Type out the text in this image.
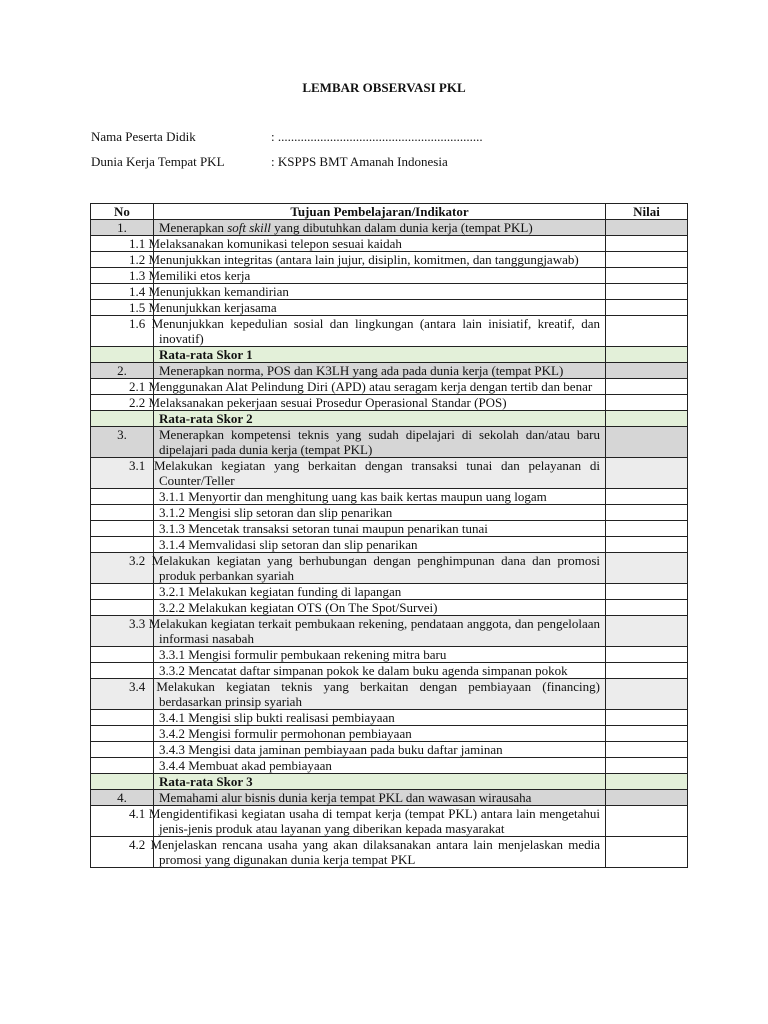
LEMBAR OBSERVASI PKL
Nama Peserta Didik	: ...............................................................
Dunia Kerja Tempat PKL	: KSPPS BMT Amanah Indonesia
No	Tujuan Pembelajaran/Indikator	Nilai
1.	Menerapkan soft skill yang dibutuhkan dalam dunia kerja (tempat PKL)	
	1.1 Melaksanakan komunikasi telepon sesuai kaidah	
	1.2 Menunjukkan integritas (antara lain jujur, disiplin, komitmen, dan tanggungjawab)	
	1.3 Memiliki etos kerja	
	1.4 Menunjukkan kemandirian	
	1.5 Menunjukkan kerjasama	
	1.6 Menunjukkan kepedulian sosial dan lingkungan (antara lain inisiatif, kreatif, dan inovatif)	
	Rata-rata Skor 1	
2.	Menerapkan norma, POS dan K3LH yang ada pada dunia kerja (tempat PKL)	
	2.1 Menggunakan Alat Pelindung Diri (APD) atau seragam kerja dengan tertib dan benar	
	2.2 Melaksanakan pekerjaan sesuai Prosedur Operasional Standar (POS)	
	Rata-rata Skor 2	
3.	Menerapkan kompetensi teknis yang sudah dipelajari di sekolah dan/atau baru dipelajari pada dunia kerja (tempat PKL)	
	3.1 Melakukan kegiatan yang berkaitan dengan transaksi tunai dan pelayanan di Counter/Teller	

	3.1.1 Menyortir dan menghitung uang kas baik kertas maupun uang logam	

	3.1.2 Mengisi slip setoran dan slip penarikan	

	3.1.3 Mencetak transaksi setoran tunai maupun penarikan tunai	

	3.1.4 Memvalidasi slip setoran dan slip penarikan	

	3.2 Melakukan kegiatan yang berhubungan dengan penghimpunan dana dan promosi produk perbankan syariah	

	3.2.1 Melakukan kegiatan funding di lapangan	

	3.2.2 Melakukan kegiatan OTS (On The Spot/Survei)	

	3.3 Melakukan kegiatan terkait pembukaan rekening, pendataan anggota, dan pengelolaan informasi nasabah	

	3.3.1 Mengisi formulir pembukaan rekening mitra baru	

	3.3.2 Mencatat daftar simpanan pokok ke dalam buku agenda simpanan pokok	

	3.4 Melakukan kegiatan teknis yang berkaitan dengan pembiayaan (financing) berdasarkan prinsip syariah	

	3.4.1 Mengisi slip bukti realisasi pembiayaan	

	3.4.2 Mengisi formulir permohonan pembiayaan	

	3.4.3 Mengisi data jaminan pembiayaan pada buku daftar jaminan	

	3.4.4 Membuat akad pembiayaan	

	Rata-rata Skor 3	
4.	Memahami alur bisnis dunia kerja tempat PKL dan wawasan wirausaha	
	4.1 Mengidentifikasi kegiatan usaha di tempat kerja (tempat PKL) antara lain mengetahui jenis-jenis produk atau layanan yang diberikan kepada masyarakat	
	4.2 Menjelaskan rencana usaha yang akan dilaksanakan antara lain menjelaskan media promosi yang digunakan dunia kerja tempat PKL	
